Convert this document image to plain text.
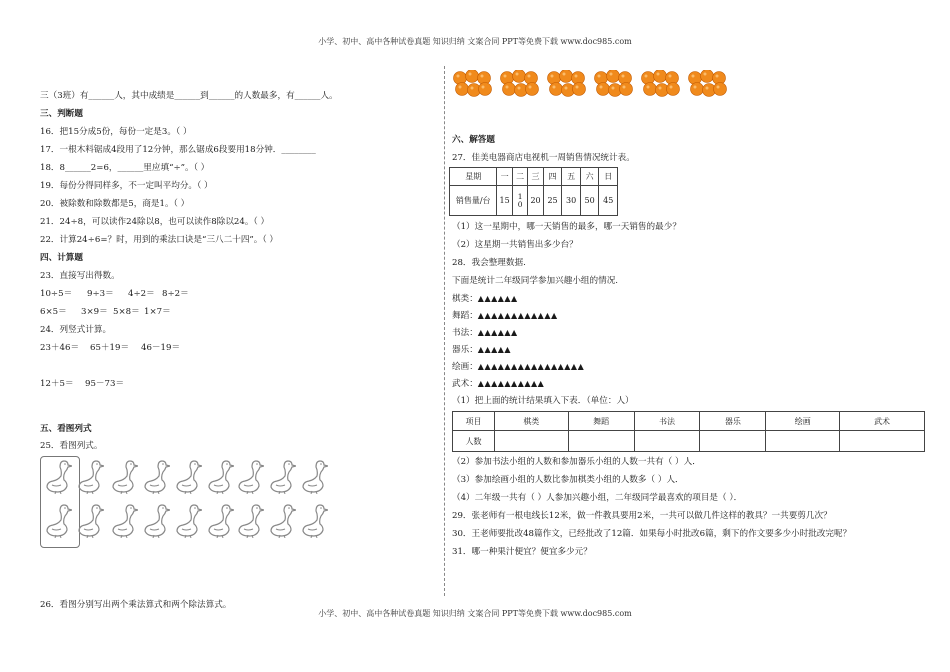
小学、初中、高中各种试卷真题 知识归纳 文案合同 PPT等免费下载 www.doc985.com
三（3班）有______人，其中成绩是______到______的人数最多，有______人。
三、判断题
16．把15分成5份，每份一定是3。（ ）
17．一根木料锯成4段用了12分钟，那么锯成6段要用18分钟．________
18．8______2=6，______里应填“÷”。（ ）
19．每份分得同样多，不一定叫平均分。（ ）
20．被除数和除数都是5，商是1。（ ）
21．24÷8，可以读作24除以8，也可以读作8除以24。（ ）
22．计算24÷6=？时，用到的乘法口诀是“三八二十四”。（ ）
四、计算题
23．直接写出得数。
10÷5＝ 9÷3＝ 4÷2＝ 8÷2＝
6×5＝ 3×9＝ 5×8＝ 1×7＝
24．列竖式计算。
23＋46＝ 65＋19＝ 46－19＝
12＋5＝ 95－73＝
五、看图列式
25．看图列式。
26．看图分别写出两个乘法算式和两个除法算式。
六、解答题
27．佳美电器商店电视机一周销售情况统计表。
星期	一	二	三	四	五	六	日
销售量/台	15	10	20	25	30	50	45
（1）这一星期中，哪一天销售的最多，哪一天销售的最少？
（2）这星期一共销售出多少台？
28．我会整理数据.
下面是统计二年级同学参加兴趣小组的情况.
棋类：▲▲▲▲▲▲
舞蹈：▲▲▲▲▲▲▲▲▲▲▲▲
书法：▲▲▲▲▲▲
器乐：▲▲▲▲▲
绘画：▲▲▲▲▲▲▲▲▲▲▲▲▲▲▲▲
武术：▲▲▲▲▲▲▲▲▲▲
（1）把上面的统计结果填入下表．（单位：人）
项目	棋类	舞蹈	书法	器乐	绘画	武术
人数						
（2）参加书法小组的人数和参加器乐小组的人数一共有（ ）人．
（3）参加绘画小组的人数比参加棋类小组的人数多（ ）人．
（4）二年级一共有（ ）人参加兴趣小组，二年级同学最喜欢的项目是（ ）．
29．张老师有一根电线长12米，做一件教具要用2米，一共可以做几件这样的教具？一共要剪几次？
30．王老师要批改48篇作文，已经批改了12篇．如果每小时批改6篇，剩下的作文要多少小时批改完呢？
31．哪一种果汁便宜？便宜多少元？
小学、初中、高中各种试卷真题 知识归纳 文案合同 PPT等免费下载 www.doc985.com
